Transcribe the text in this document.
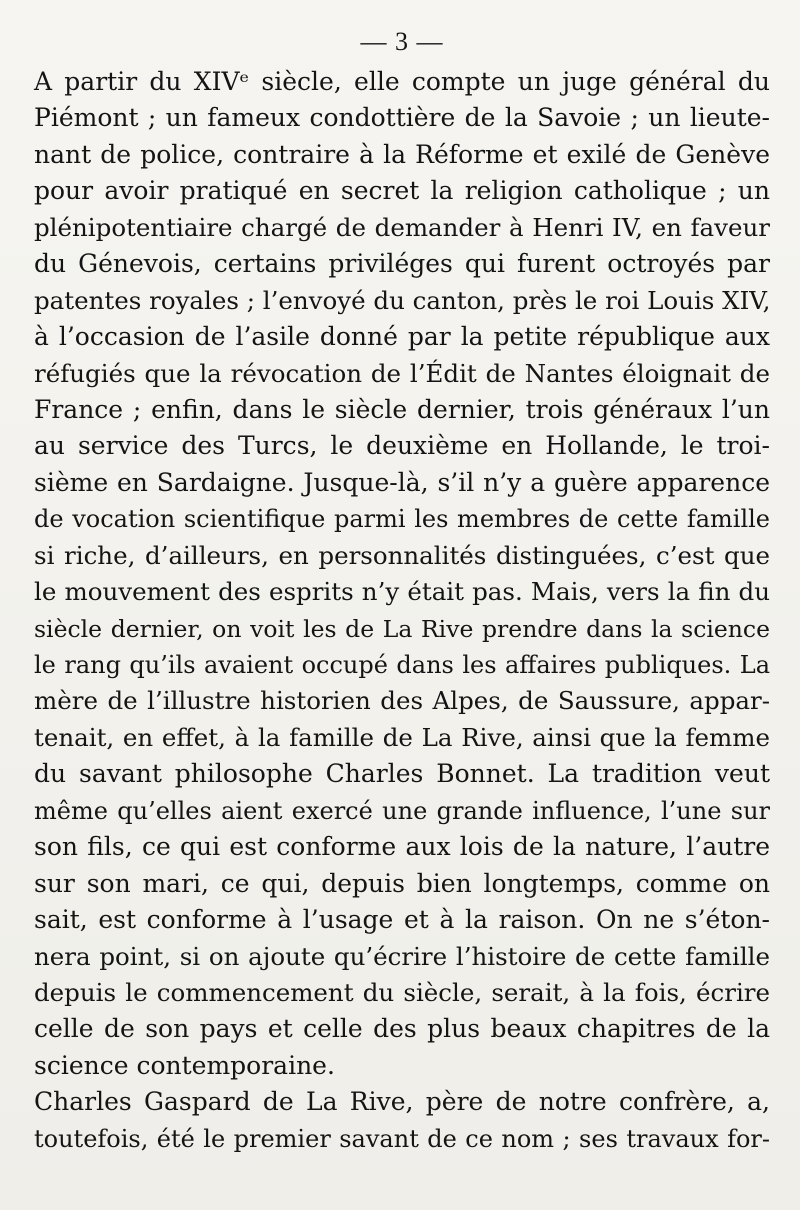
— 3 —
A partir du XIVᵉ siècle, elle compte un juge général du
Piémont ; un fameux condottière de la Savoie ; un lieute-
nant de police, contraire à la Réforme et exilé de Genève
pour avoir pratiqué en secret la religion catholique ; un
plénipotentiaire chargé de demander à Henri IV, en faveur
du Génevois, certains priviléges qui furent octroyés par
patentes royales ; l’envoyé du canton, près le roi Louis XIV,
à l’occasion de l’asile donné par la petite république aux
réfugiés que la révocation de l’Édit de Nantes éloignait de
France ; enfin, dans le siècle dernier, trois généraux l’un
au service des Turcs, le deuxième en Hollande, le troi-
sième en Sardaigne. Jusque-là, s’il n’y a guère apparence
de vocation scientifique parmi les membres de cette famille
si riche, d’ailleurs, en personnalités distinguées, c’est que
le mouvement des esprits n’y était pas. Mais, vers la fin du
siècle dernier, on voit les de La Rive prendre dans la science
le rang qu’ils avaient occupé dans les affaires publiques. La
mère de l’illustre historien des Alpes, de Saussure, appar-
tenait, en effet, à la famille de La Rive, ainsi que la femme
du savant philosophe Charles Bonnet. La tradition veut
même qu’elles aient exercé une grande influence, l’une sur
son fils, ce qui est conforme aux lois de la nature, l’autre
sur son mari, ce qui, depuis bien longtemps, comme on
sait, est conforme à l’usage et à la raison. On ne s’éton-
nera point, si on ajoute qu’écrire l’histoire de cette famille
depuis le commencement du siècle, serait, à la fois, écrire
celle de son pays et celle des plus beaux chapitres de la
science contemporaine.
Charles Gaspard de La Rive, père de notre confrère, a,
toutefois, été le premier savant de ce nom ; ses travaux for-
